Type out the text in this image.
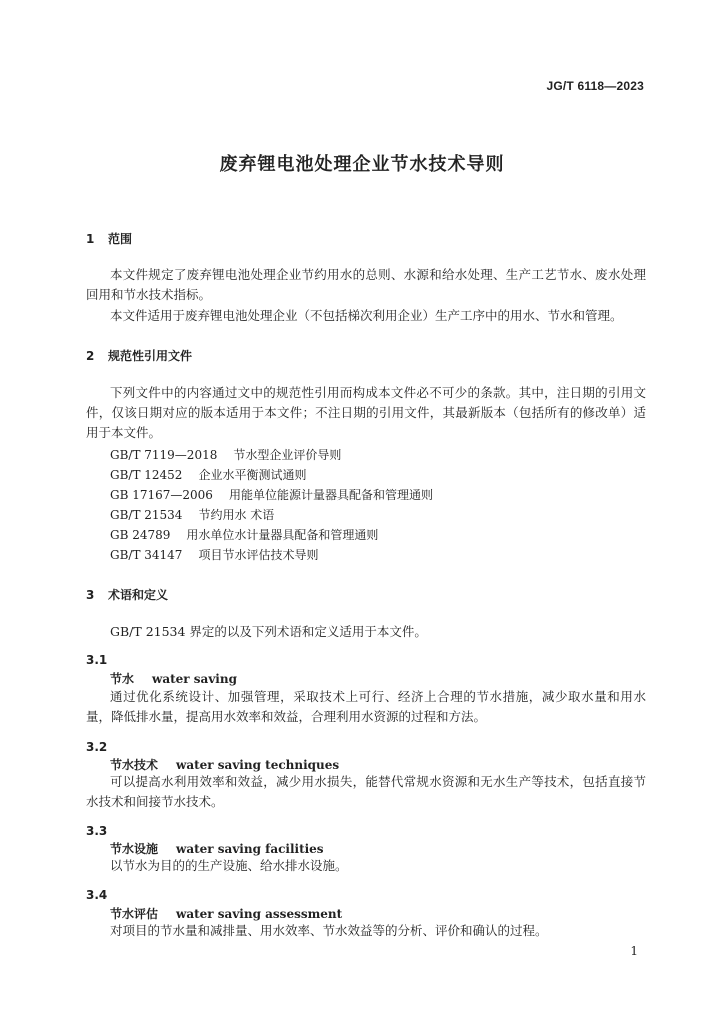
JG/T 6118—2023
废弃锂电池处理企业节水技术导则
1 范围
本文件规定了废弃锂电池处理企业节约用水的总则、水源和给水处理、生产工艺节水、废水处理回用和节水技术指标。
本文件适用于废弃锂电池处理企业（不包括梯次利用企业）生产工序中的用水、节水和管理。
2 规范性引用文件
下列文件中的内容通过文中的规范性引用而构成本文件必不可少的条款。其中，注日期的引用文件，仅该日期对应的版本适用于本文件；不注日期的引用文件，其最新版本（包括所有的修改单）适用于本文件。
GB/T 7119—2018 节水型企业评价导则
GB/T 12452 企业水平衡测试通则
GB 17167—2006 用能单位能源计量器具配备和管理通则
GB/T 21534 节约用水 术语
GB 24789 用水单位水计量器具配备和管理通则
GB/T 34147 项目节水评估技术导则
3 术语和定义
GB/T 21534 界定的以及下列术语和定义适用于本文件。
3.1
节水 water saving
通过优化系统设计、加强管理，采取技术上可行、经济上合理的节水措施，减少取水量和用水量，降低排水量，提高用水效率和效益，合理利用水资源的过程和方法。
3.2
节水技术 water saving techniques
可以提高水利用效率和效益，减少用水损失，能替代常规水资源和无水生产等技术，包括直接节水技术和间接节水技术。
3.3
节水设施 water saving facilities
以节水为目的的生产设施、给水排水设施。
3.4
节水评估 water saving assessment
对项目的节水量和减排量、用水效率、节水效益等的分析、评价和确认的过程。
1
